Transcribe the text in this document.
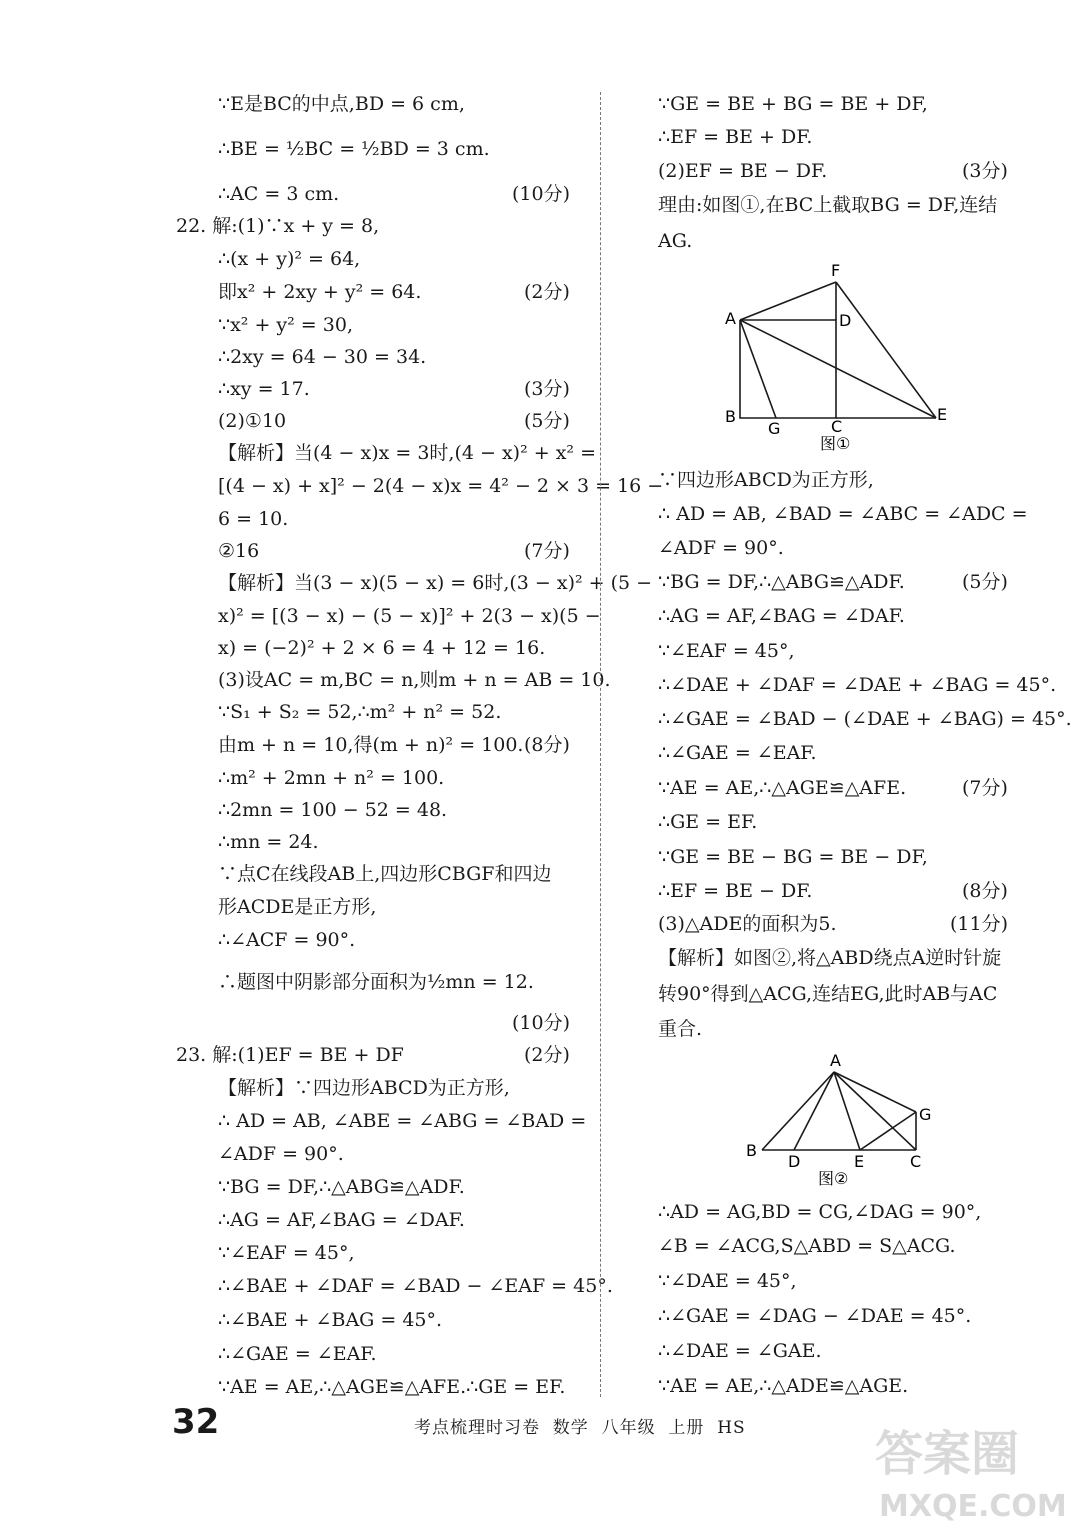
∵E是BC的中点,BD = 6 cm,
∴BE = ½BC = ½BD = 3 cm.
∴AC = 3 cm.
22. 解:(1)∵x + y = 8,
∴(x + y)² = 64,
即x² + 2xy + y² = 64.
∵x² + y² = 30,
∴2xy = 64 − 30 = 34.
∴xy = 17.
(2)①10
【解析】当(4 − x)x = 3时,(4 − x)² + x² =
[(4 − x) + x]² − 2(4 − x)x = 4² − 2 × 3 = 16 −
6 = 10.
②16
【解析】当(3 − x)(5 − x) = 6时,(3 − x)² + (5 −
x)² = [(3 − x) − (5 − x)]² + 2(3 − x)(5 −
x) = (−2)² + 2 × 6 = 4 + 12 = 16.
(3)设AC = m,BC = n,则m + n = AB = 10.
∵S₁ + S₂ = 52,∴m² + n² = 52.
由m + n = 10,得(m + n)² = 100.
∴m² + 2mn + n² = 100.
∴2mn = 100 − 52 = 48.
∴mn = 24.
∵点C在线段AB上,四边形CBGF和四边
形ACDE是正方形,
∴∠ACF = 90°.
∴题图中阴影部分面积为½mn = 12.
23. 解:(1)EF = BE + DF
【解析】∵四边形ABCD为正方形,
∴ AD = AB, ∠ABE = ∠ABG = ∠BAD =
∠ADF = 90°.
∵BG = DF,∴△ABG≌△ADF.
∴AG = AF,∠BAG = ∠DAF.
∵∠EAF = 45°,
∴∠BAE + ∠DAF = ∠BAD − ∠EAF = 45°.
∴∠BAE + ∠BAG = 45°.
∴∠GAE = ∠EAF.
∵AE = AE,∴△AGE≌△AFE.∴GE = EF.
(10分)
(2分)
(3分)
(5分)
(7分)
(8分)
(10分)
(2分)
∵GE = BE + BG = BE + DF,
∴EF = BE + DF.
(2)EF = BE − DF.
理由:如图①,在BC上截取BG = DF,连结
AG.
∵四边形ABCD为正方形,
∴ AD = AB, ∠BAD = ∠ABC = ∠ADC =
∠ADF = 90°.
∵BG = DF,∴△ABG≌△ADF.
∴AG = AF,∠BAG = ∠DAF.
∵∠EAF = 45°,
∴∠DAE + ∠DAF = ∠DAE + ∠BAG = 45°.
∴∠GAE = ∠BAD − (∠DAE + ∠BAG) = 45°.
∴∠GAE = ∠EAF.
∵AE = AE,∴△AGE≌△AFE.
∴GE = EF.
∵GE = BE − BG = BE − DF,
∴EF = BE − DF.
(3)△ADE的面积为5.
【解析】如图②,将△ABD绕点A逆时针旋
转90°得到△ACG,连结EG,此时AB与AC
重合.
∴AD = AG,BD = CG,∠DAG = 90°,
∠B = ∠ACG,S△ABD = S△ACG.
∵∠DAE = 45°,
∴∠GAE = ∠DAG − ∠DAE = 45°.
∴∠DAE = ∠GAE.
∵AE = AE,∴△ADE≌△AGE.
(3分)
(5分)
(7分)
(8分)
(11分)
F
A	D
B
G	C
E
图①
A
G
B
D	E	C
图②
32	考点梳理时习卷  数学  八年级  上册  HS	答案圈
MXQE.COM
